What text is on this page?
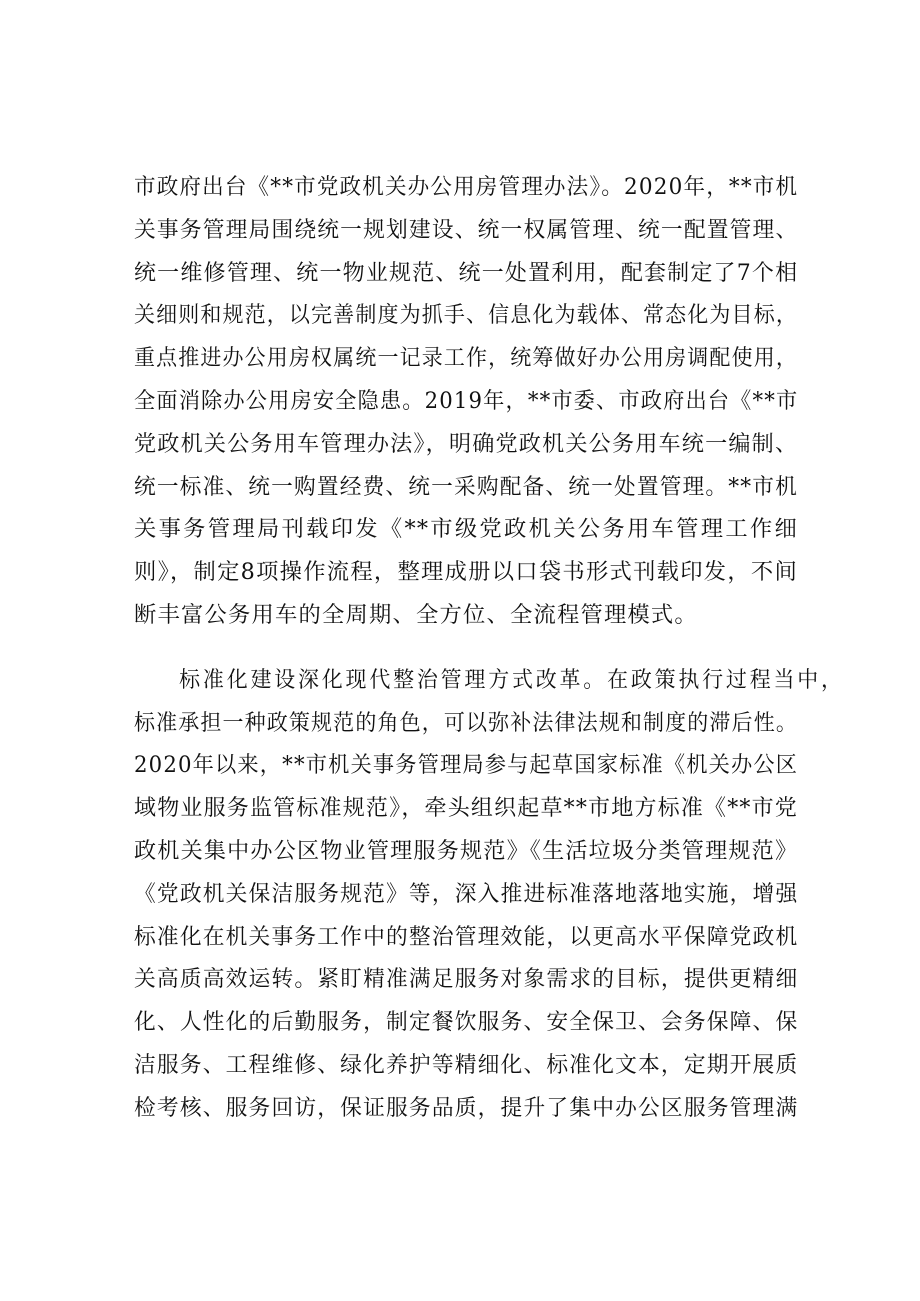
市政府出台《**市党政机关办公用房管理办法》。2020年，**市机
关事务管理局围绕统一规划建设、统一权属管理、统一配置管理、
统一维修管理、统一物业规范、统一处置利用，配套制定了7个相
关细则和规范，以完善制度为抓手、信息化为载体、常态化为目标，
重点推进办公用房权属统一记录工作，统筹做好办公用房调配使用，
全面消除办公用房安全隐患。2019年，**市委、市政府出台《**市
党政机关公务用车管理办法》，明确党政机关公务用车统一编制、
统一标准、统一购置经费、统一采购配备、统一处置管理。**市机
关事务管理局刊载印发《**市级党政机关公务用车管理工作细
则》，制定8项操作流程，整理成册以口袋书形式刊载印发，不间
断丰富公务用车的全周期、全方位、全流程管理模式。
标准化建设深化现代整治管理方式改革。在政策执行过程当中，
标准承担一种政策规范的角色，可以弥补法律法规和制度的滞后性。
2020年以来，**市机关事务管理局参与起草国家标准《机关办公区
域物业服务监管标准规范》，牵头组织起草**市地方标准《**市党
政机关集中办公区物业管理服务规范》《生活垃圾分类管理规范》
《党政机关保洁服务规范》等，深入推进标准落地落地实施，增强
标准化在机关事务工作中的整治管理效能，以更高水平保障党政机
关高质高效运转。紧盯精准满足服务对象需求的目标，提供更精细
化、人性化的后勤服务，制定餐饮服务、安全保卫、会务保障、保
洁服务、工程维修、绿化养护等精细化、标准化文本，定期开展质
检考核、服务回访，保证服务品质，提升了集中办公区服务管理满
